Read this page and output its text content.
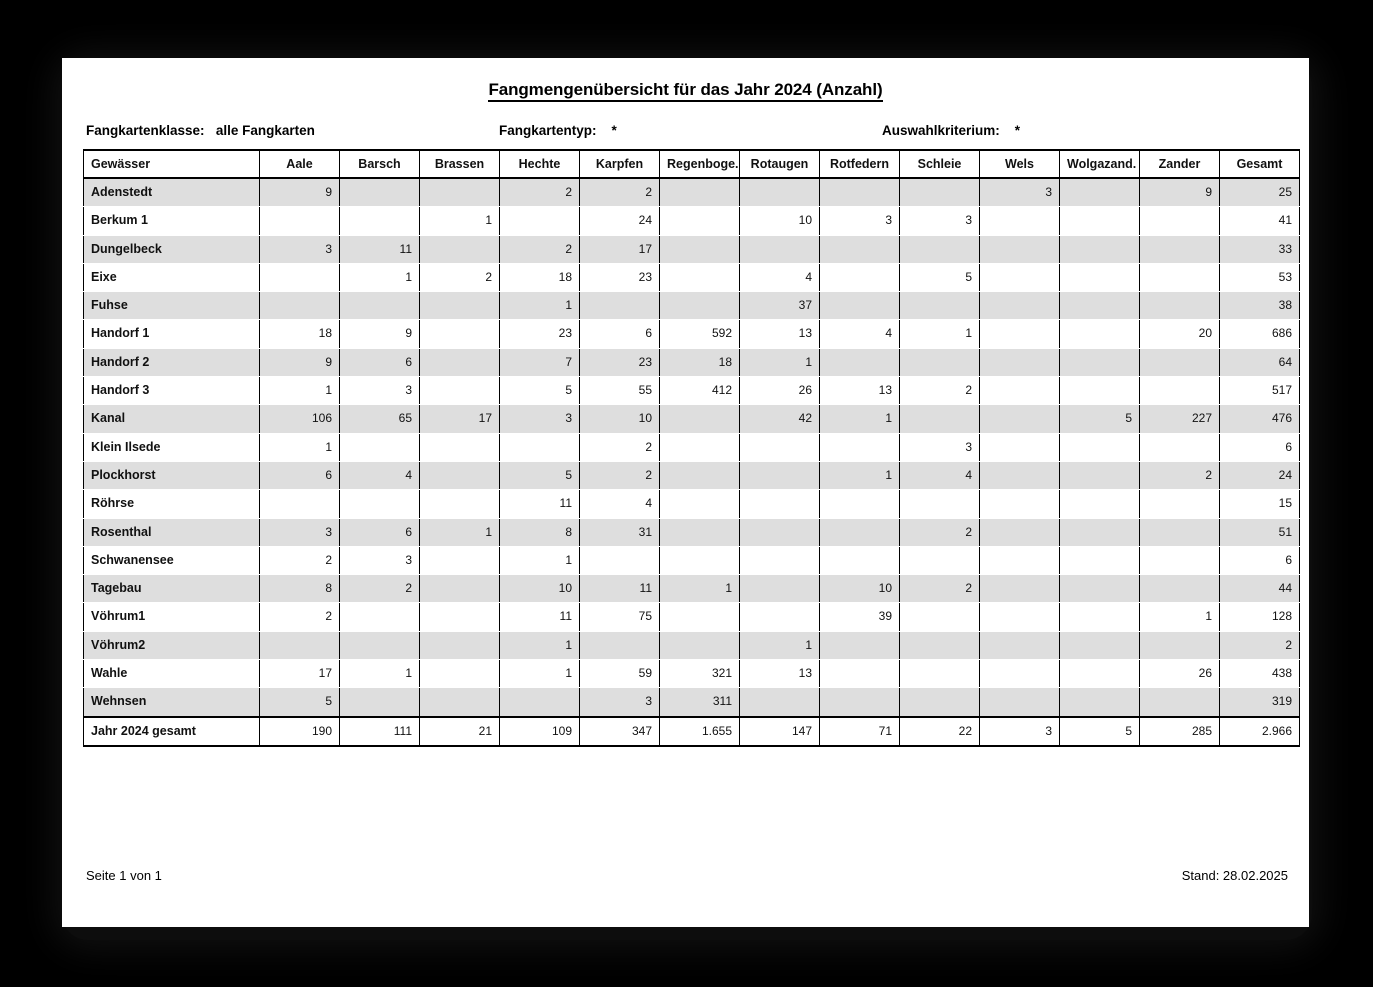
Fangmengenübersicht für das Jahr 2024 (Anzahl)
Fangkartenklasse: alle Fangkarten	Fangkartentyp: *	Auswahlkriterium: *
Gewässer	Aale	Barsch	Brassen	Hechte	Karpfen	Regenboge.	Rotaugen	Rotfedern	Schleie	Wels	Wolgazand.	Zander	Gesamt
Adenstedt	9			2	2					3		9	25
Berkum 1			1		24		10	3	3				41
Dungelbeck	3	11		2	17								33
Eixe		1	2	18	23		4		5				53
Fuhse				1			37						38
Handorf 1	18	9		23	6	592	13	4	1			20	686
Handorf 2	9	6		7	23	18	1						64
Handorf 3	1	3		5	55	412	26	13	2				517
Kanal	106	65	17	3	10		42	1			5	227	476
Klein Ilsede	1				2				3				6
Plockhorst	6	4		5	2			1	4			2	24
Röhrse				11	4								15
Rosenthal	3	6	1	8	31				2				51
Schwanensee	2	3		1									6
Tagebau	8	2		10	11	1		10	2				44
Vöhrum1	2			11	75			39				1	128
Vöhrum2				1			1						2
Wahle	17	1		1	59	321	13					26	438
Wehnsen	5				3	311							319
Jahr 2024 gesamt	190	111	21	109	347	1.655	147	71	22	3	5	285	2.966
Seite 1 von 1	Stand: 28.02.2025
